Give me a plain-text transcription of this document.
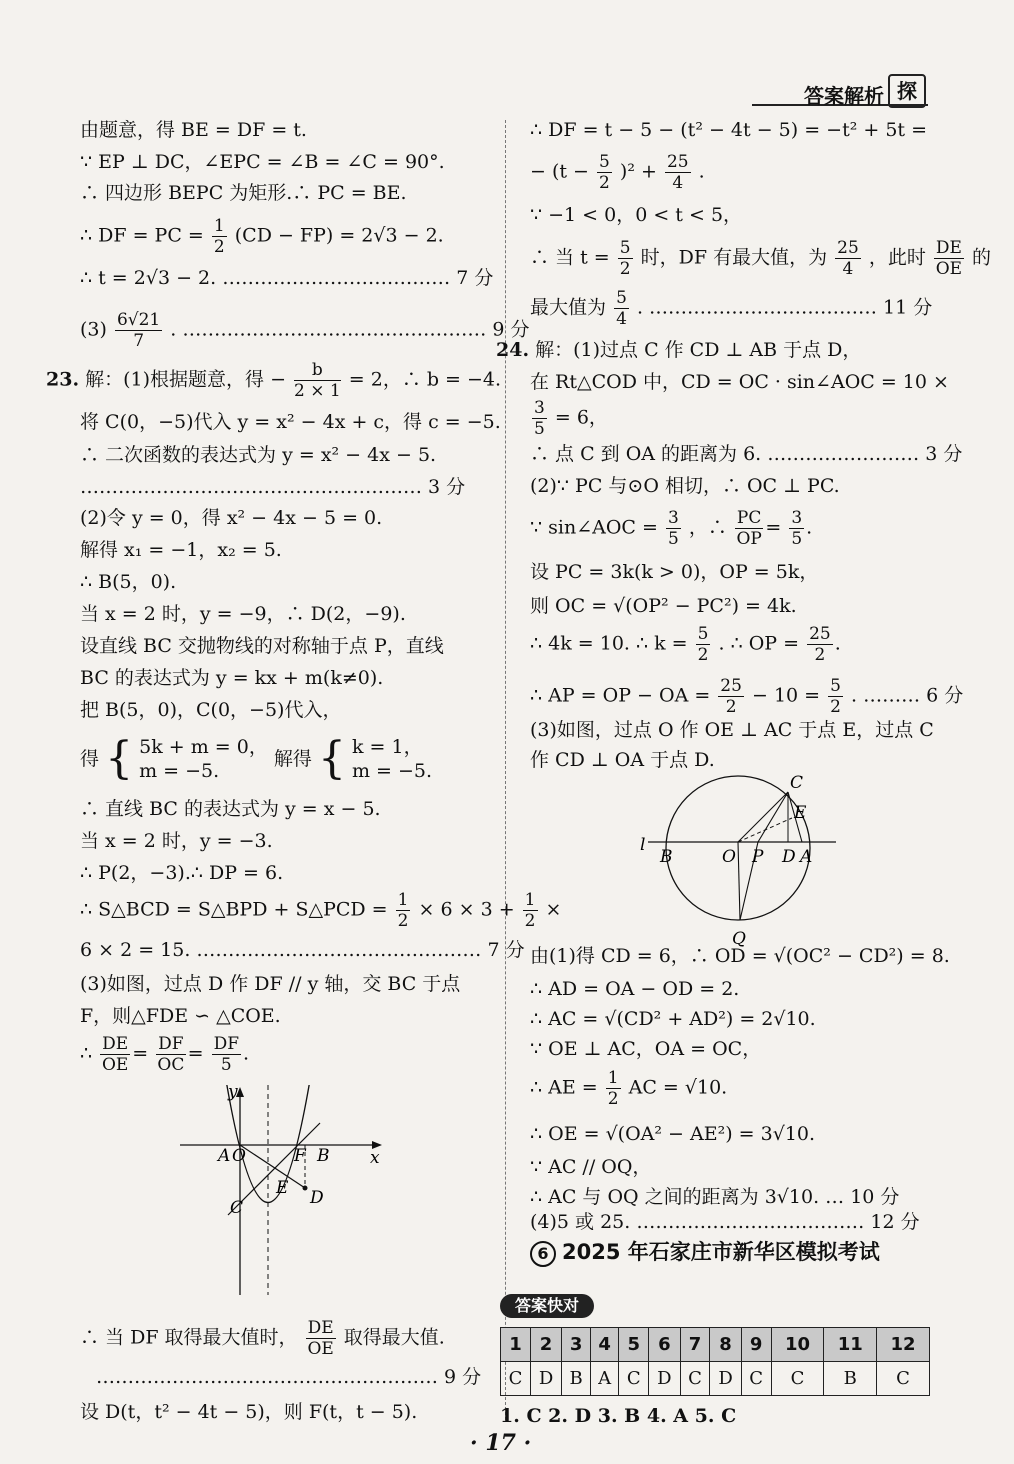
答案解析 探
由题意，得 BE = DF = t.
∵ EP ⊥ DC，∠EPC = ∠B = ∠C = 90°.
∴ 四边形 BEPC 为矩形.∴ PC = BE.
∴ DF = PC = $\frac{1}{2} (CD - FP) = 2√3 - 2$.
∴ t = 2√3 − 2. ……………………………… 7 分
$(3) \frac{6√21}{7}$ . ………………………………………… 9 分
23. 解：(1)根据题意，得 − $\frac{b}{2 \times 1} = 2$，∴ b = −4.
将 C(0，−5)代入 y = x² − 4x + c，得 c = −5.
∴ 二次函数的表达式为 y = x² − 4x − 5.
……………………………………………… 3 分
(2)令 y = 0，得 x² − 4x − 5 = 0.
解得 x₁ = −1，x₂ = 5.
∴ B(5，0).
当 x = 2 时，y = −9，∴ D(2，−9).
设直线 BC 交抛物线的对称轴于点 P，直线
BC 的表达式为 y = kx + m(k≠0).
把 B(5，0)，C(0，−5)代入，
得 { 5k + m = 0，
m = −5.
解得 { k = 1，
m = −5.
∴ 直线 BC 的表达式为 y = x − 5.
当 x = 2 时，y = −3.
∴ P(2，−3).∴ DP = 6.
∴ S△BCD = S△BPD + S△PCD = $\frac{1}{2} \times 6 \times 3 + \frac{1}{2}$ ×
6 × 2 = 15. ……………………………………… 7 分
(3)如图，过点 D 作 DF // y 轴，交 BC 于点
F，则△FDE ∽ △COE.
∴ $\frac{DE}{OE} = \frac{DF}{OC} = \frac{DF}{5}$ .
y
x
A O	F B
E
C	D
∴ 当 DF 取得最大值时， $\frac{DE}{OE}$ 取得最大值.
……………………………………………… 9 分
设 D(t，t² − 4t − 5)，则 F(t，t − 5).
∴ DF = t − 5 − (t² − 4t − 5) = −t² + 5t =
− $(t - \frac{5}{2} )^2 + \frac{25}{4}$ .
∵ −1 < 0，0 < t < 5，
∴ 当 $t = \frac{5}{2}$ 时，DF 有最大值，为 $\frac{25}{4}$ ，此时 $\frac{DE}{OE}$ 的
最大值为 $\frac{5}{4}$ . ……………………………… 11 分
24. 解：(1)过点 C 作 CD ⊥ AB 于点 D，
在 Rt△COD 中，CD = OC · sin∠AOC = 10 ×
$\frac{3}{5} = 6$，
∴ 点 C 到 OA 的距离为 6. …………………… 3 分
(2)∵ PC 与⊙O 相切，∴ OC ⊥ PC.
∵ sin∠AOC = $\frac{3}{5}$ ，∴ $\frac{PC}{OP} = \frac{3}{5}$ .
设 PC = 3k(k > 0)，OP = 5k，
则 OC = √(OP² − PC²) = 4k.
∴ 4k = 10. ∴ $k = \frac{5}{2}$ . ∴ OP = $\frac{25}{2}$ .
∴ AP = OP − OA = $\frac{25}{2} - 10 = \frac{5}{2}$ . ……… 6 分
(3)如图，过点 O 作 OE ⊥ AC 于点 E，过点 C
作 CD ⊥ OA 于点 D.
C
E
l
B	O P D A
Q
由(1)得 CD = 6，∴ OD = √(OC² − CD²) = 8.
∴ AD = OA − OD = 2.
∴ AC = √(CD² + AD²) = 2√10.
∵ OE ⊥ AC，OA = OC，
∴ AE = $\frac{1}{2}$ AC = √10.
∴ OE = √(OA² − AE²) = 3√10.
∵ AC // OQ，
∴ AC 与 OQ 之间的距离为 3√10. … 10 分
(4)5 或 25. ……………………………… 12 分
6 2025 年石家庄市新华区模拟考试
答案快对
1	2	3	4	5	6	7	8	9	10	11	12
C	D	B	A	C	D	C	D	C	C	B	C
1. C 2. D 3. B 4. A 5. C
· 17 ·
